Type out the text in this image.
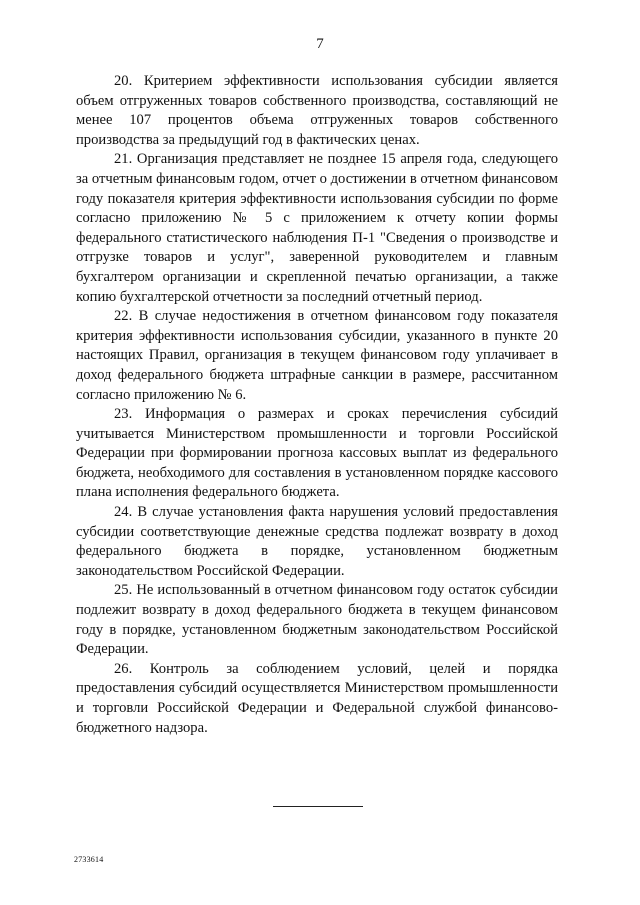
7

20. Критерием эффективности использования субсидии является объем отгруженных товаров собственного производства, составляющий не менее 107 процентов объема отгруженных товаров собственного производства за предыдущий год в фактических ценах.

21. Организация представляет не позднее 15 апреля года, следующего за отчетным финансовым годом, отчет о достижении в отчетном финансовом году показателя критерия эффективности использования субсидии по форме согласно приложению № 5 с приложением к отчету копии формы федерального статистического наблюдения П-1 "Сведения о производстве и отгрузке товаров и услуг", заверенной руководителем и главным бухгалтером организации и скрепленной печатью организации, а также копию бухгалтерской отчетности за последний отчетный период.

22. В случае недостижения в отчетном финансовом году показателя критерия эффективности использования субсидии, указанного в пункте 20 настоящих Правил, организация в текущем финансовом году уплачивает в доход федерального бюджета штрафные санкции в размере, рассчитанном согласно приложению № 6.

23. Информация о размерах и сроках перечисления субсидий учитывается Министерством промышленности и торговли Российской Федерации при формировании прогноза кассовых выплат из федерального бюджета, необходимого для составления в установленном порядке кассового плана исполнения федерального бюджета.

24. В случае установления факта нарушения условий предоставления субсидии соответствующие денежные средства подлежат возврату в доход федерального бюджета в порядке, установленном бюджетным законодательством Российской Федерации.

25. Не использованный в отчетном финансовом году остаток субсидии подлежит возврату в доход федерального бюджета в текущем финансовом году в порядке, установленном бюджетным законодательством Российской Федерации.

26. Контроль за соблюдением условий, целей и порядка предоставления субсидий осуществляется Министерством промышленности и торговли Российской Федерации и Федеральной службой финансово-бюджетного надзора.

2733614
